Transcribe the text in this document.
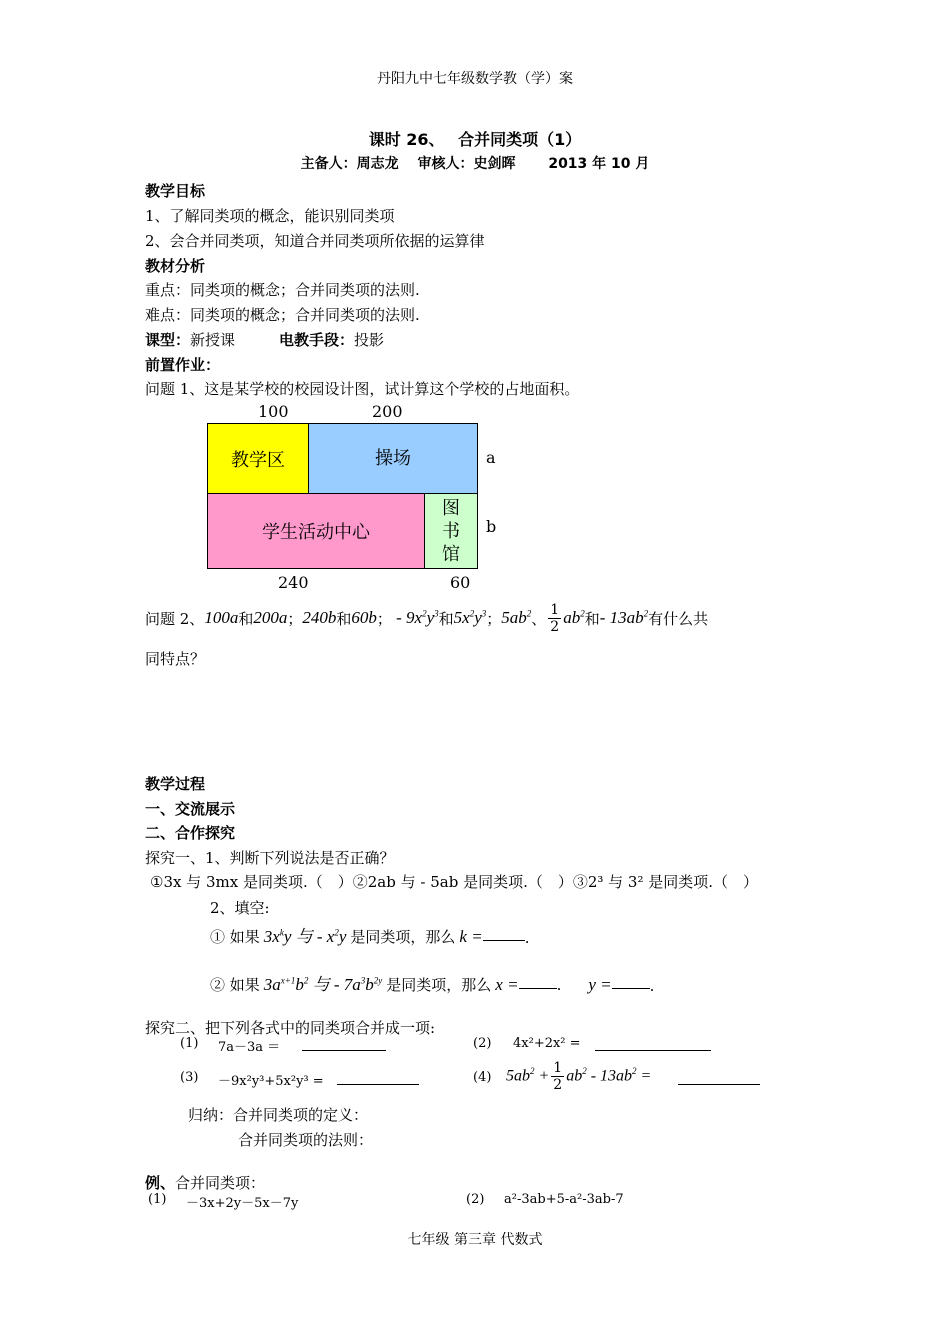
丹阳九中七年级数学教（学）案
七年级 第三章 代数式
课时 26、　 合并同类项（1）
主备人：周志龙　 审核人：史剑晖　　 2013 年 10 月
教学目标
1、了解同类项的概念，能识别同类项
2、会合并同类项，知道合并同类项所依据的运算律
教材分析
重点：同类项的概念；合并同类项的法则.
难点：同类项的概念；合并同类项的法则.
课型：新授课	电教手段：投影
前置作业：
问题 1、这是某学校的校园设计图，试计算这个学校的占地面积。
100	200
教学区	操场
学生活动中心
图
书
馆
a
b
240	60
问题 2、 100a 和 200a ； 240b 和 60b ； - $9x^2y^3$ 和 $5x^2y^3$ ； $5ab^2$ 、 $\frac{1}{2} ab^2$ 和 - $13ab^2$ 有什么共
同特点？
教学过程
一、交流展示
二、合作探究
探究一、1、判断下列说法是否正确？
①3x 与 3mx 是同类项.（　）②2ab 与 - 5ab 是同类项.（　）③2³ 与 3² 是同类项.（　）
2、填空:
① 如果 $3x^ky$ 与 - $x^2y$ 是同类项，那么 k =	.
② 如果 $3a^{x+1}b^2$ 与 - $7a^3b^{2y}$ 是同类项，那么 x =	.　 y =	.
探究二、把下列各式中的同类项合并成一项:
(1) 7a－3a ＝	(2) 4x²+2x² =
(3) －9x²y³+5x²y³ =	(4) $5ab^2 + \frac{1}{2} ab^2 - 13ab^2$ =
归纳：合并同类项的定义：
合并同类项的法则：
例、合并同类项：
(1) －3x+2y－5x－7y	(2) a²-3ab+5-a²-3ab-7
